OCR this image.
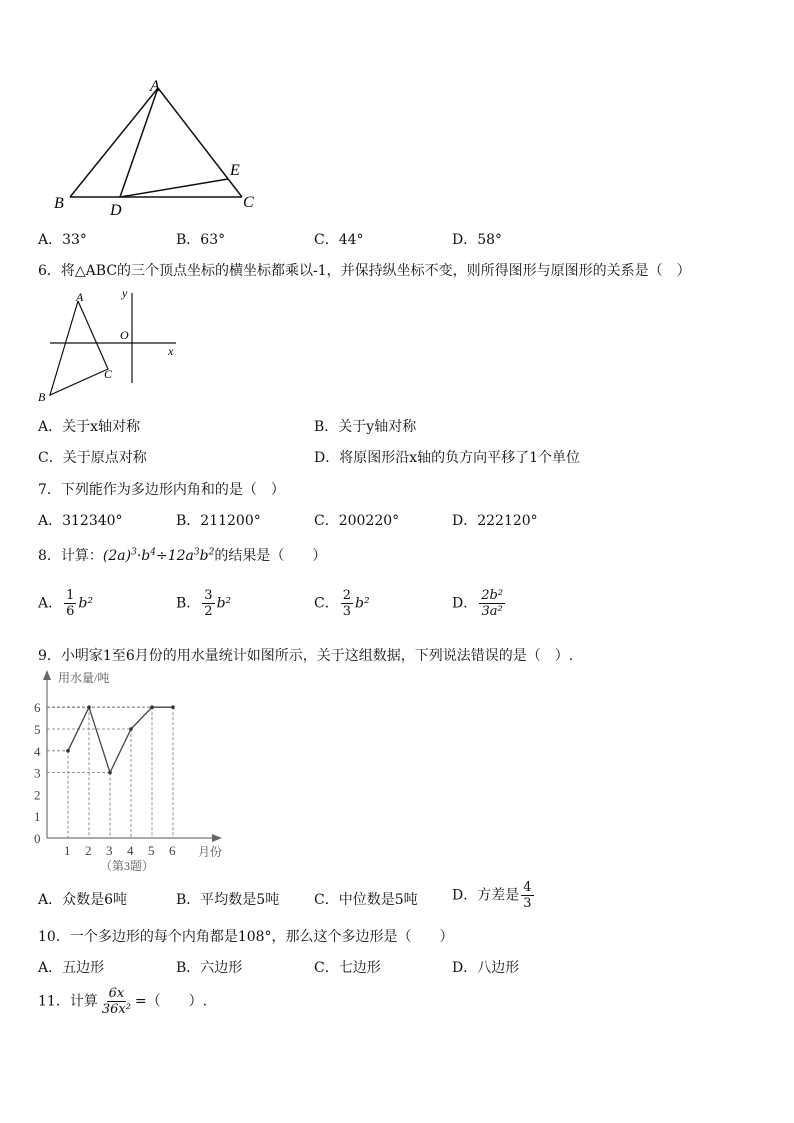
A
B	D
E
C
A．33°	B．63°	C．44°	D．58°
6．将△ABC的三个顶点坐标的横坐标都乘以-1，并保持纵坐标不变，则所得图形与原图形的关系是（　）
A
B
C
O
x
y
A．关于x轴对称	B．关于y轴对称
C．关于原点对称	D．将原图形沿x轴的负方向平移了1个单位
7．下列能作为多边形内角和的是（　）
A．312340°	B．211200°	C．200220°	D．222120°
8．计算：$(2a)^3\cdot b^4\div 12a^3b^2$的结果是（　　）
A． $\frac{1}{6} b^2$	B． $\frac{3}{2} b^2$	C． $\frac{2}{3} b^2$	D． $\frac{\text{2b²}}{\text{3a²}}$
9．小明家1至6月份的用水量统计如图所示，关于这组数据，下列说法错误的是（　）.
用水量/吨
月份
（第3题）
0
1
2
3
4
5
6
1 2 3 4 5 6
A．众数是6吨	B．平均数是5吨 C．中位数是5吨 D．方差是 $\frac{4}{3}$
10．一个多边形的每个内角都是108°，那么这个多边形是（　　）
A．五边形	B．六边形	C．七边形	D．八边形
11．计算 $\frac{6x}{\text{36x²}}$ =（　　）.
